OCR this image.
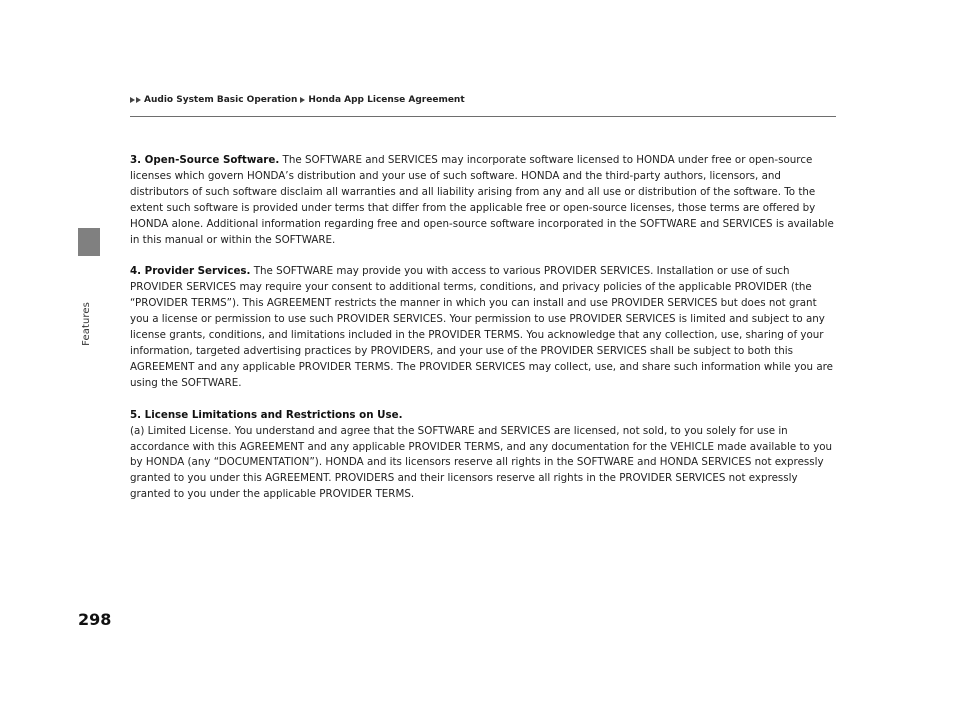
Audio System Basic Operation Honda App License Agreement
Features

3. Open-Source Software. The SOFTWARE and SERVICES may incorporate software licensed to HONDA under free or open-source licenses which govern HONDA’s distribution and your use of such software. HONDA and the third-party authors, licensors, and distributors of such software disclaim all warranties and all liability arising from any and all use or distribution of the software. To the extent such software is provided under terms that differ from the applicable free or open-source licenses, those terms are offered by HONDA alone. Additional information regarding free and open-source software incorporated in the SOFTWARE and SERVICES is available in this manual or within the SOFTWARE.

4. Provider Services. The SOFTWARE may provide you with access to various PROVIDER SERVICES. Installation or use of such PROVIDER SERVICES may require your consent to additional terms, conditions, and privacy policies of the applicable PROVIDER (the “PROVIDER TERMS”). This AGREEMENT restricts the manner in which you can install and use PROVIDER SERVICES but does not grant you a license or permission to use such PROVIDER SERVICES. Your permission to use PROVIDER SERVICES is limited and subject to any license grants, conditions, and limitations included in the PROVIDER TERMS. You acknowledge that any collection, use, sharing of your information, targeted advertising practices by PROVIDERS, and your use of the PROVIDER SERVICES shall be subject to both this AGREEMENT and any applicable PROVIDER TERMS. The PROVIDER SERVICES may collect, use, and share such information while you are using the SOFTWARE.

5. License Limitations and Restrictions on Use.

(a) Limited License. You understand and agree that the SOFTWARE and SERVICES are licensed, not sold, to you solely for use in accordance with this AGREEMENT and any applicable PROVIDER TERMS, and any documentation for the VEHICLE made available to you by HONDA (any “DOCUMENTATION”). HONDA and its licensors reserve all rights in the SOFTWARE and HONDA SERVICES not expressly granted to you under this AGREEMENT. PROVIDERS and their licensors reserve all rights in the PROVIDER SERVICES not expressly granted to you under the applicable PROVIDER TERMS.

298
